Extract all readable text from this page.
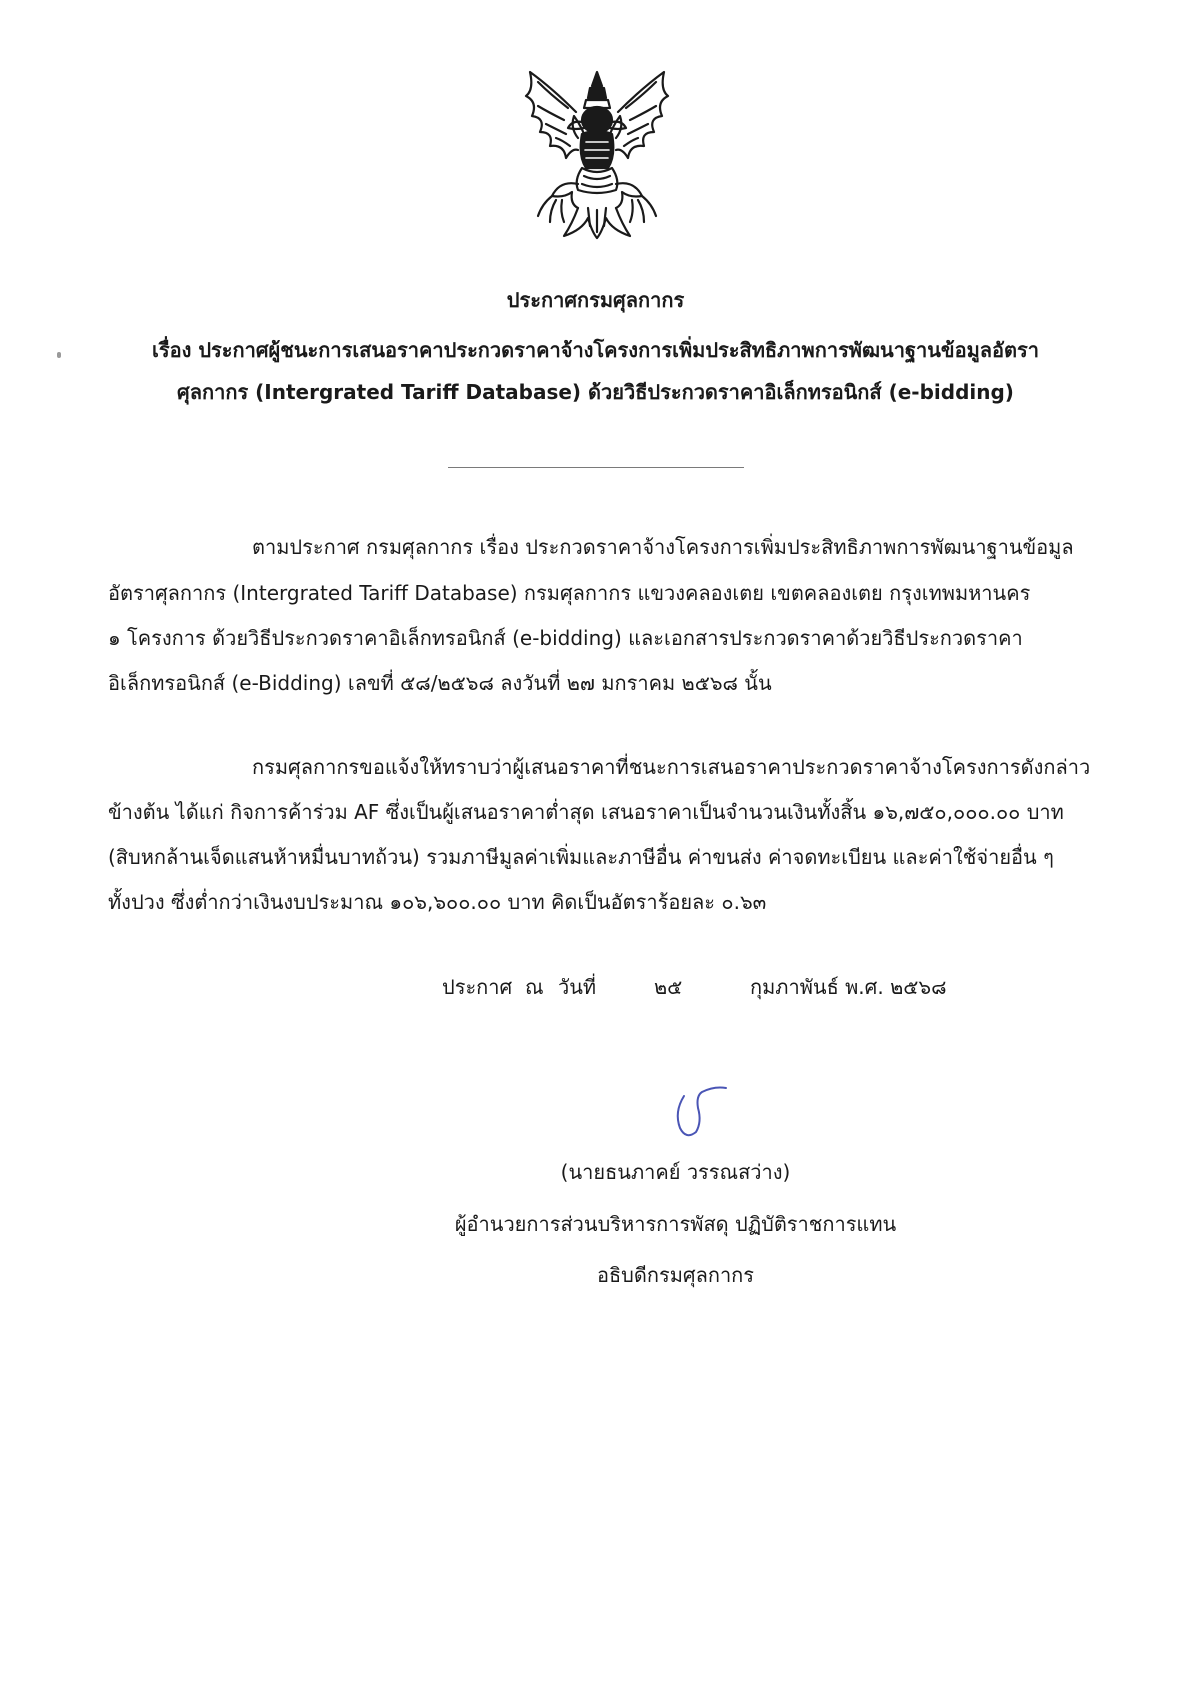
ประกาศกรมศุลกากร
เรื่อง ประกาศผู้ชนะการเสนอราคาประกวดราคาจ้างโครงการเพิ่มประสิทธิภาพการพัฒนาฐานข้อมูลอัตรา
ศุลกากร (Intergrated Tariff Database) ด้วยวิธีประกวดราคาอิเล็กทรอนิกส์ (e-bidding)
ตามประกาศ กรมศุลกากร เรื่อง ประกวดราคาจ้างโครงการเพิ่มประสิทธิภาพการพัฒนาฐานข้อมูล
อัตราศุลกากร (Intergrated Tariff Database) กรมศุลกากร แขวงคลองเตย เขตคลองเตย กรุงเทพมหานคร
๑ โครงการ ด้วยวิธีประกวดราคาอิเล็กทรอนิกส์ (e-bidding) และเอกสารประกวดราคาด้วยวิธีประกวดราคา
อิเล็กทรอนิกส์ (e-Bidding) เลขที่ ๕๘/๒๕๖๘ ลงวันที่ ๒๗ มกราคม ๒๕๖๘ นั้น
กรมศุลกากรขอแจ้งให้ทราบว่าผู้เสนอราคาที่ชนะการเสนอราคาประกวดราคาจ้างโครงการดังกล่าว
ข้างต้น ได้แก่ กิจการค้าร่วม AF ซึ่งเป็นผู้เสนอราคาต่ำสุด เสนอราคาเป็นจำนวนเงินทั้งสิ้น ๑๖,๗๕๐,๐๐๐.๐๐ บาท
(สิบหกล้านเจ็ดแสนห้าหมื่นบาทถ้วน) รวมภาษีมูลค่าเพิ่มและภาษีอื่น ค่าขนส่ง ค่าจดทะเบียน และค่าใช้จ่ายอื่น ๆ
ทั้งปวง ซึ่งต่ำกว่าเงินงบประมาณ ๑๐๖,๖๐๐.๐๐ บาท คิดเป็นอัตราร้อยละ ๐.๖๓
ประกาศ ณ วันที่	๒๕	กุมภาพันธ์ พ.ศ. ๒๕๖๘
(นายธนภาคย์ วรรณสว่าง)
ผู้อำนวยการส่วนบริหารการพัสดุ ปฏิบัติราชการแทน
อธิบดีกรมศุลกากร
